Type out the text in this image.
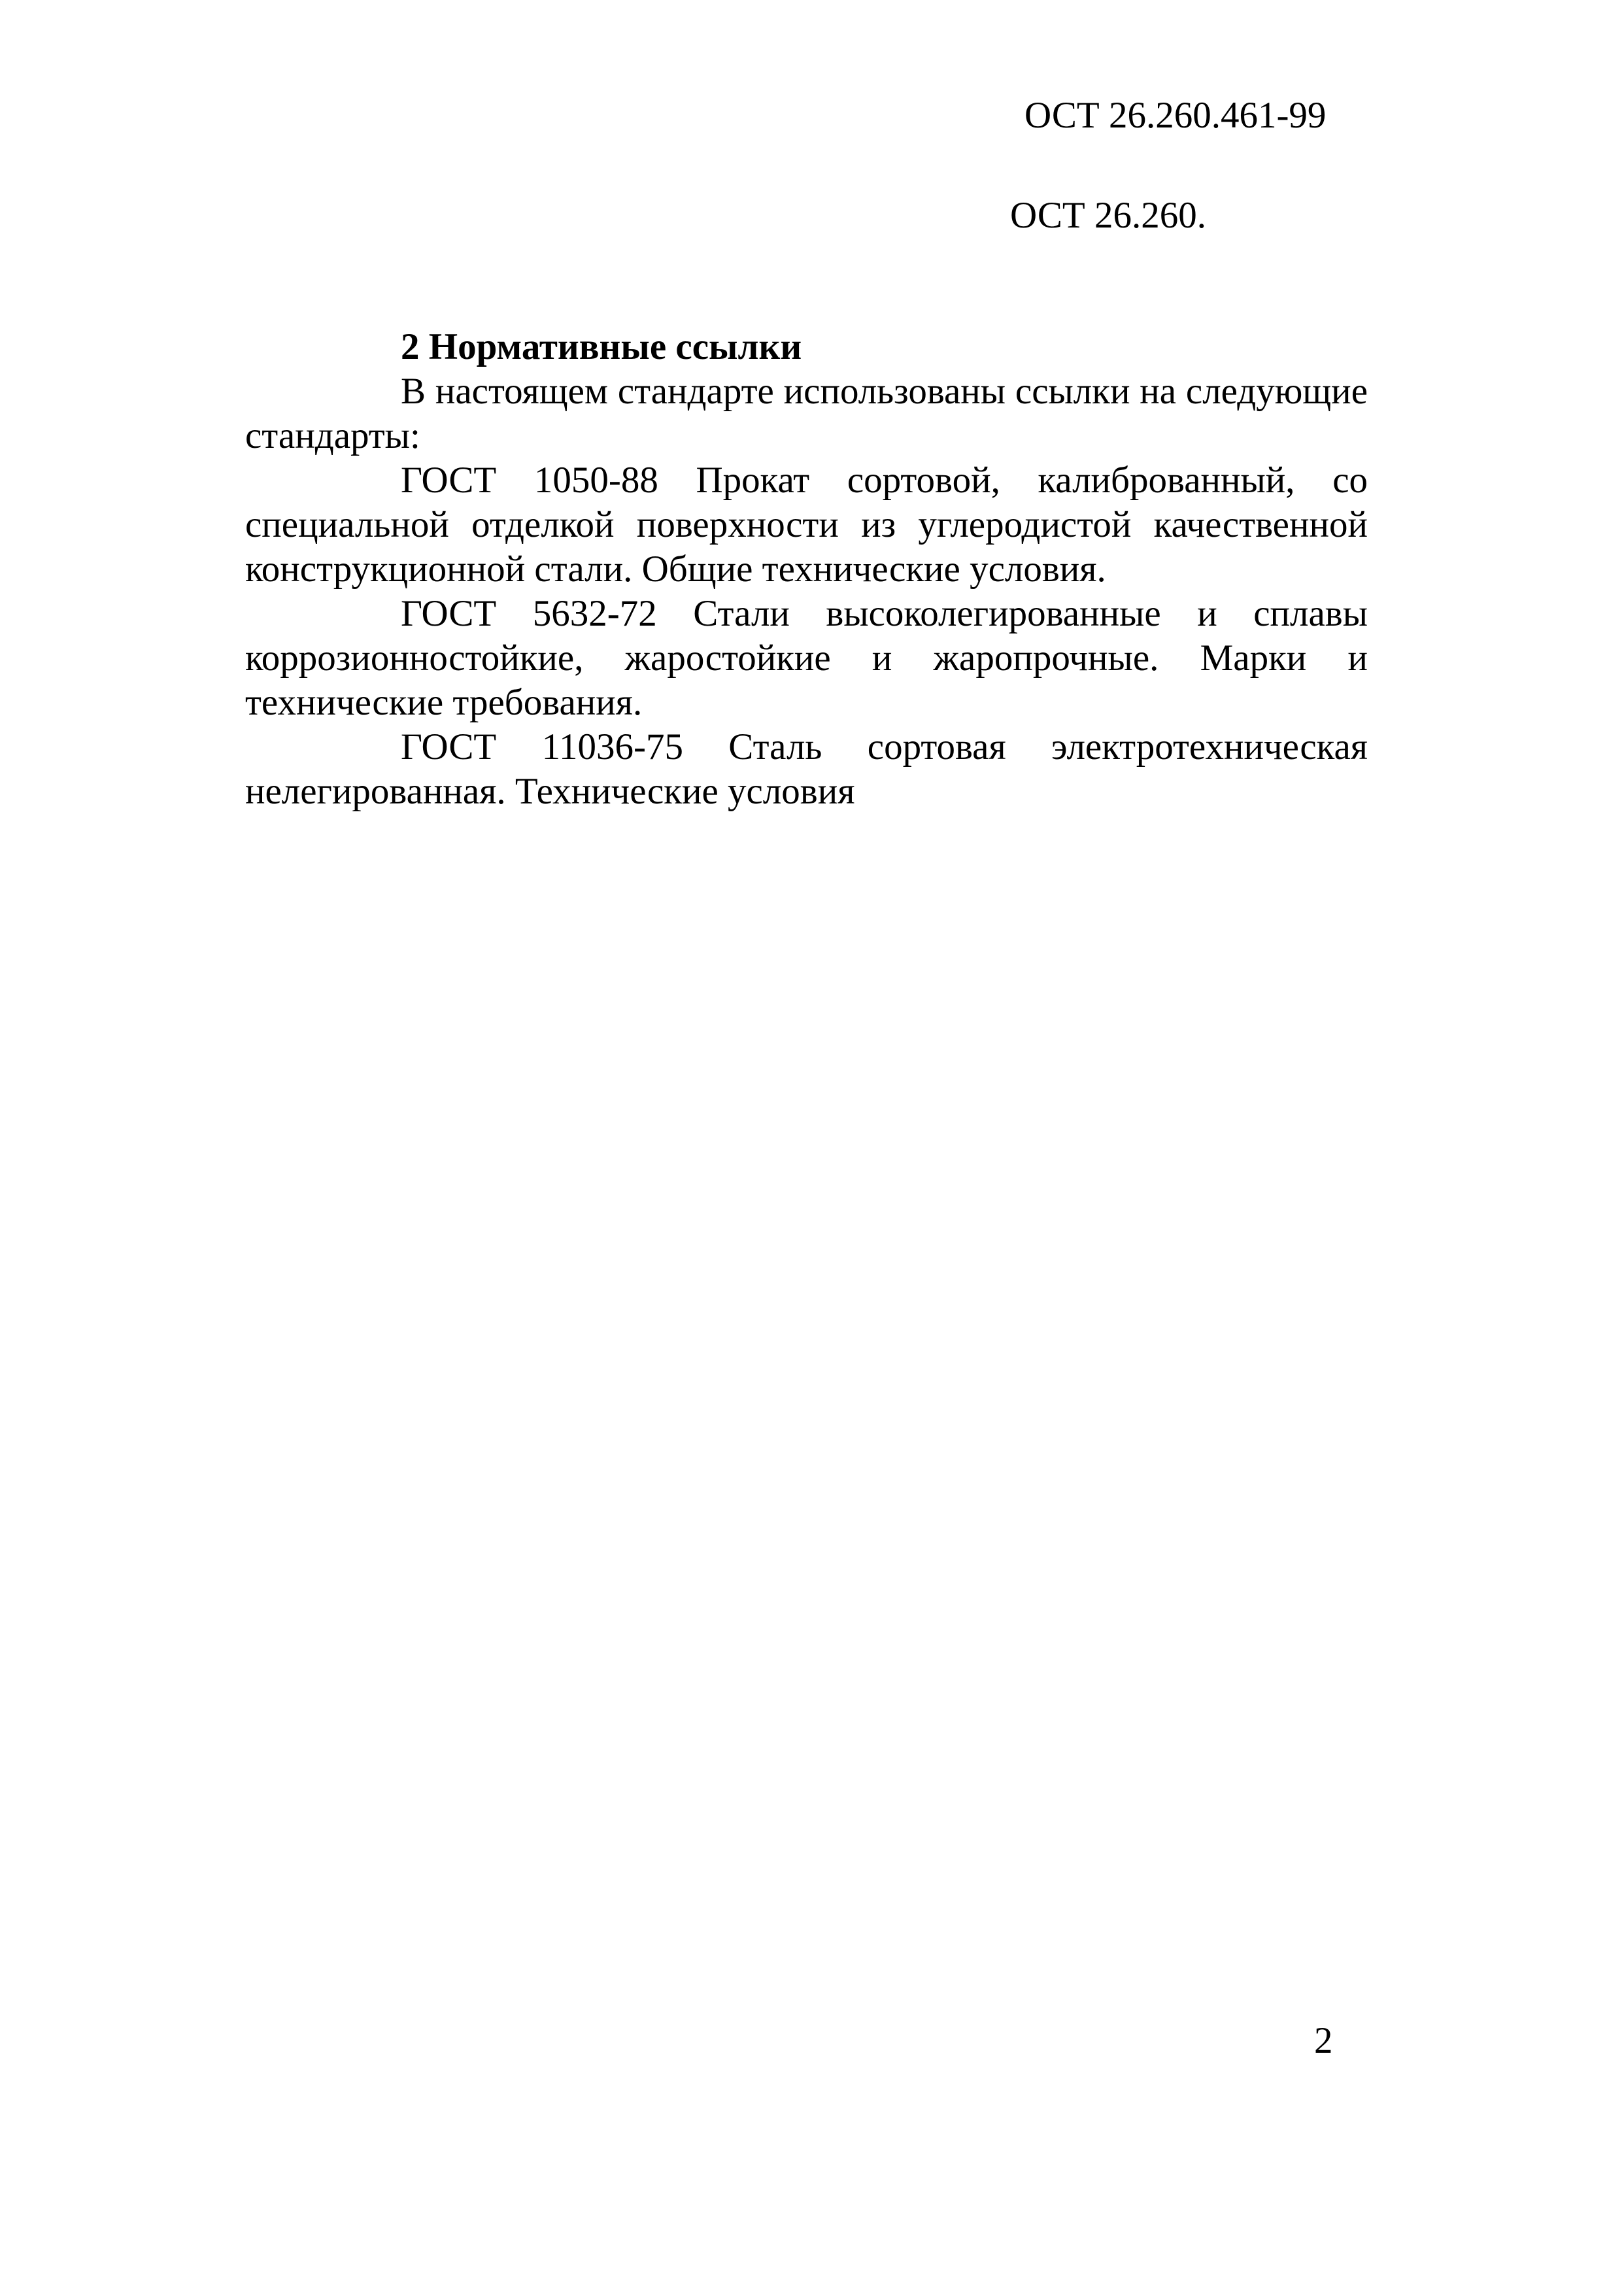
ОСТ 26.260.461-99
ОСТ 26.260.

2 Нормативные ссылки

В настоящем стандарте использованы ссылки на следующие стандарты:

ГОСТ 1050-88 Прокат сортовой, калиброванный, со специальной отделкой поверхности из углеродистой качественной конструкционной стали. Общие технические условия.

ГОСТ 5632-72 Стали высоколегированные и сплавы коррозионностойкие, жаростойкие и жаропрочные. Марки и технические требования.

ГОСТ 11036-75 Сталь сортовая электротехническая нелегированная. Технические условия

2
